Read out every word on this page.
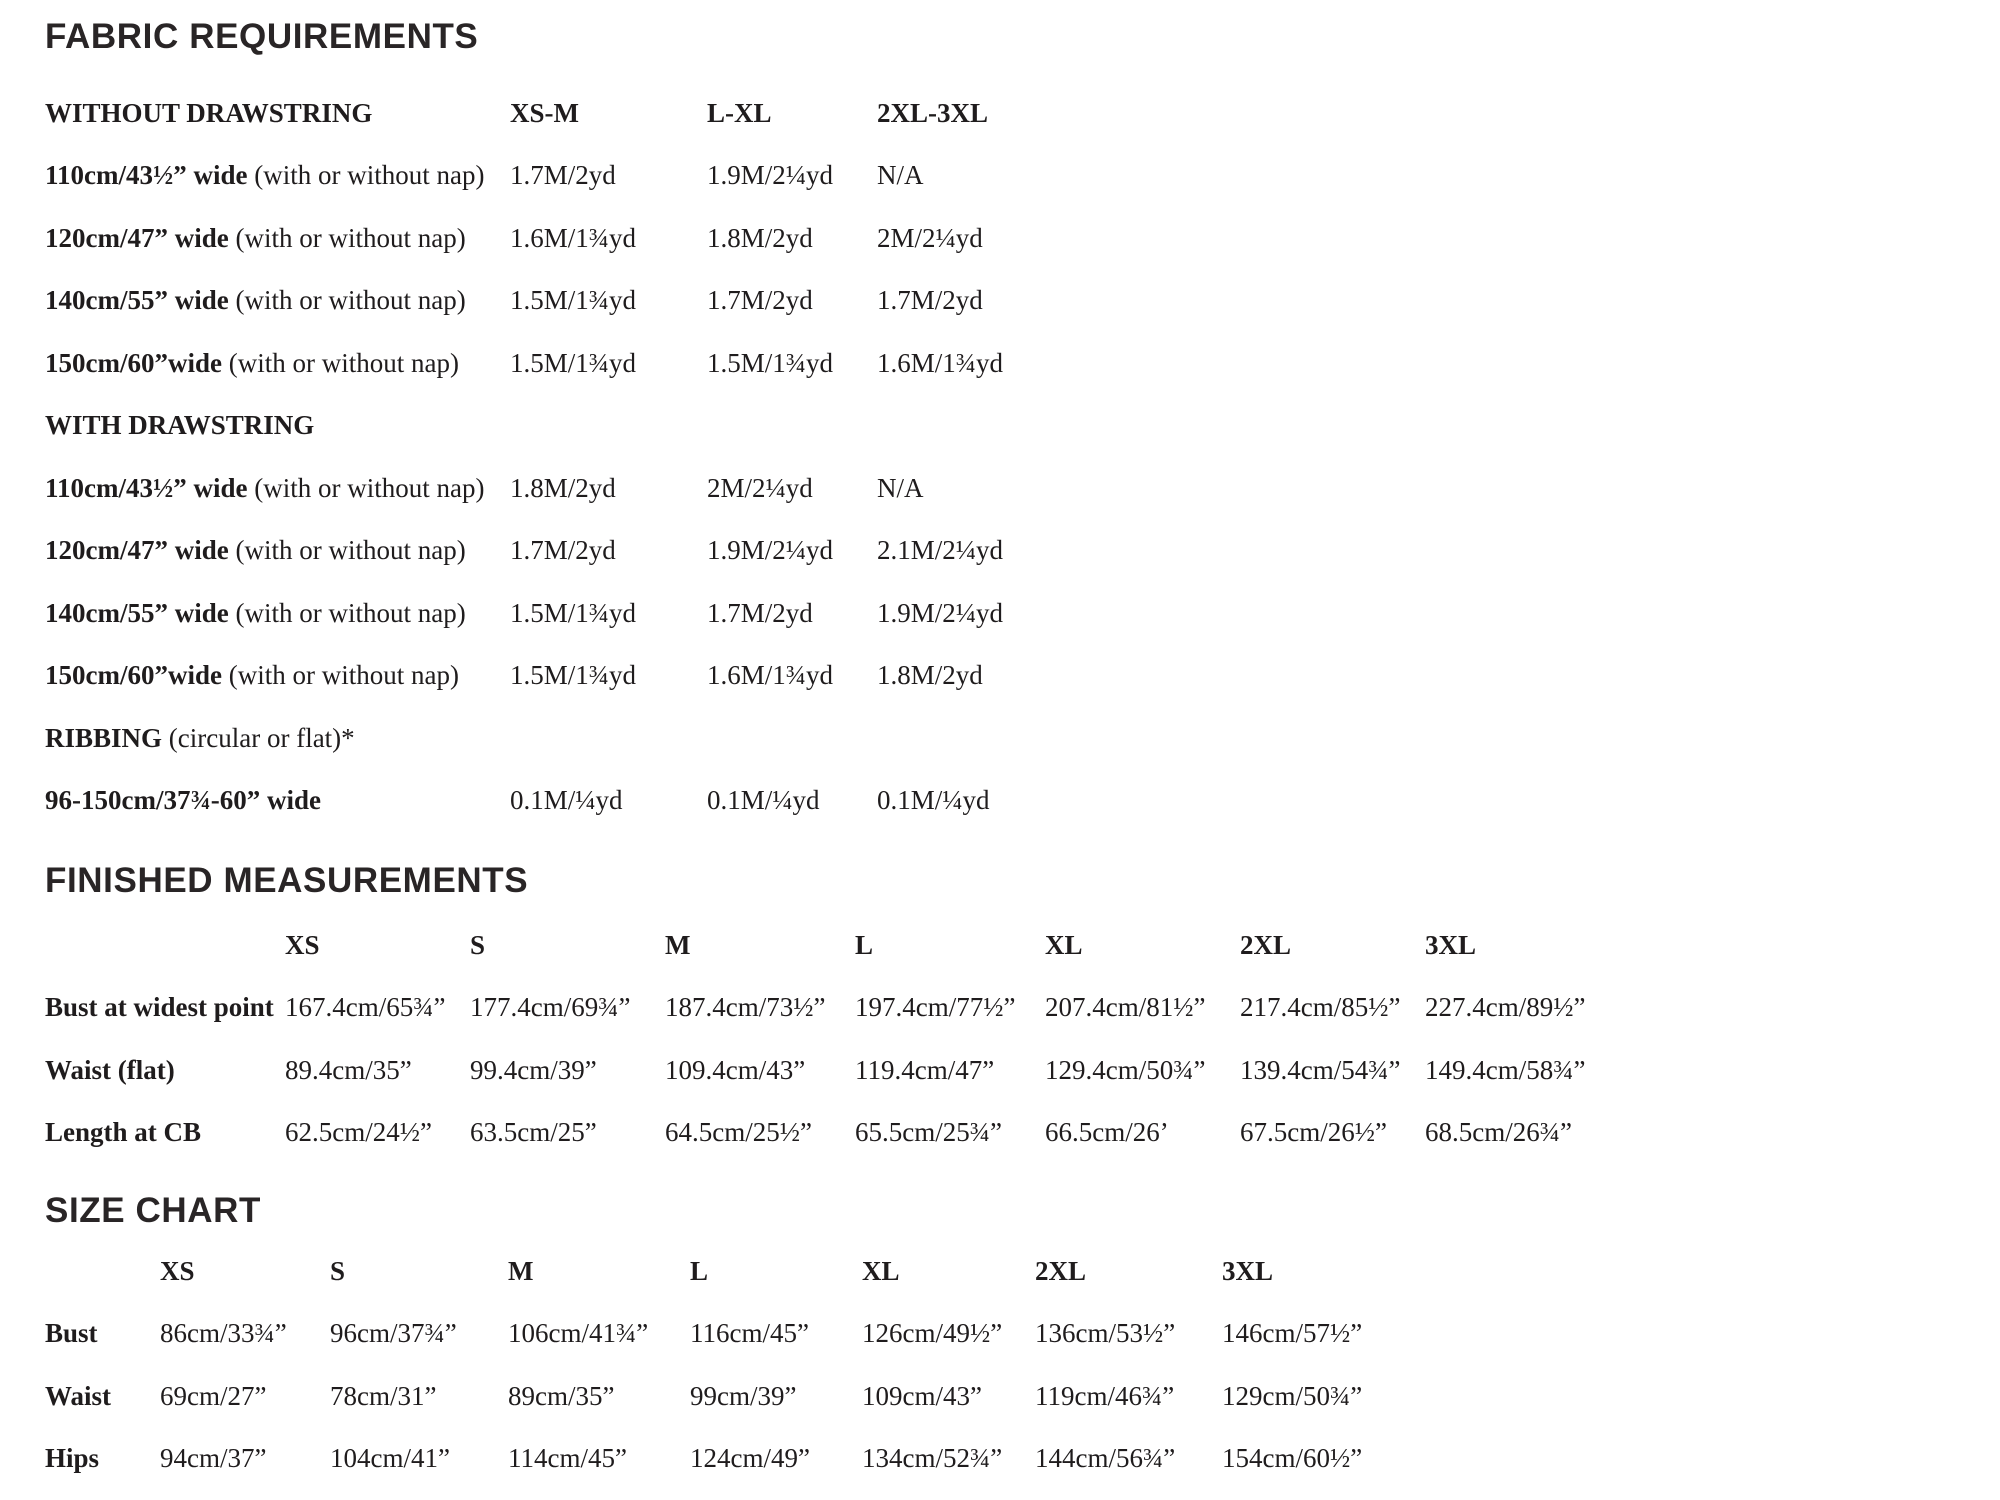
FABRIC REQUIREMENTS
WITHOUT DRAWSTRING	XS-M	L-XL	2XL-3XL
110cm/43½” wide (with or without nap) 1.7M/2yd	1.9M/2¼yd	N/A
120cm/47” wide (with or without nap)	1.6M/1¾yd	1.8M/2yd	2M/2¼yd
140cm/55” wide (with or without nap)	1.5M/1¾yd	1.7M/2yd	1.7M/2yd
150cm/60”wide (with or without nap)	1.5M/1¾yd	1.5M/1¾yd	1.6M/1¾yd
WITH DRAWSTRING
110cm/43½” wide (with or without nap) 1.8M/2yd	2M/2¼yd	N/A
120cm/47” wide (with or without nap)	1.7M/2yd	1.9M/2¼yd	2.1M/2¼yd
140cm/55” wide (with or without nap)	1.5M/1¾yd	1.7M/2yd	1.9M/2¼yd
150cm/60”wide (with or without nap)	1.5M/1¾yd	1.6M/1¾yd	1.8M/2yd
RIBBING (circular or flat)*
96-150cm/37¾-60” wide	0.1M/¼yd	0.1M/¼yd	0.1M/¼yd
FINISHED MEASUREMENTS
XS	S	M	L	XL	2XL	3XL
Bust at widest point 167.4cm/65¾” 177.4cm/69¾”	187.4cm/73½”	197.4cm/77½”	207.4cm/81½”	217.4cm/85½” 227.4cm/89½”
Waist (flat)	89.4cm/35”	99.4cm/39”	109.4cm/43”	119.4cm/47”	129.4cm/50¾”	139.4cm/54¾” 149.4cm/58¾”
Length at CB	62.5cm/24½”	63.5cm/25”	64.5cm/25½”	65.5cm/25¾”	66.5cm/26’	67.5cm/26½”	68.5cm/26¾”
SIZE CHART
XS	S	M	L	XL	2XL	3XL
Bust	86cm/33¾”	96cm/37¾”	106cm/41¾”	116cm/45”	126cm/49½”	136cm/53½”	146cm/57½”
Waist	69cm/27”	78cm/31”	89cm/35”	99cm/39”	109cm/43”	119cm/46¾”	129cm/50¾”
Hips	94cm/37”	104cm/41”	114cm/45”	124cm/49”	134cm/52¾”	144cm/56¾”	154cm/60½”
